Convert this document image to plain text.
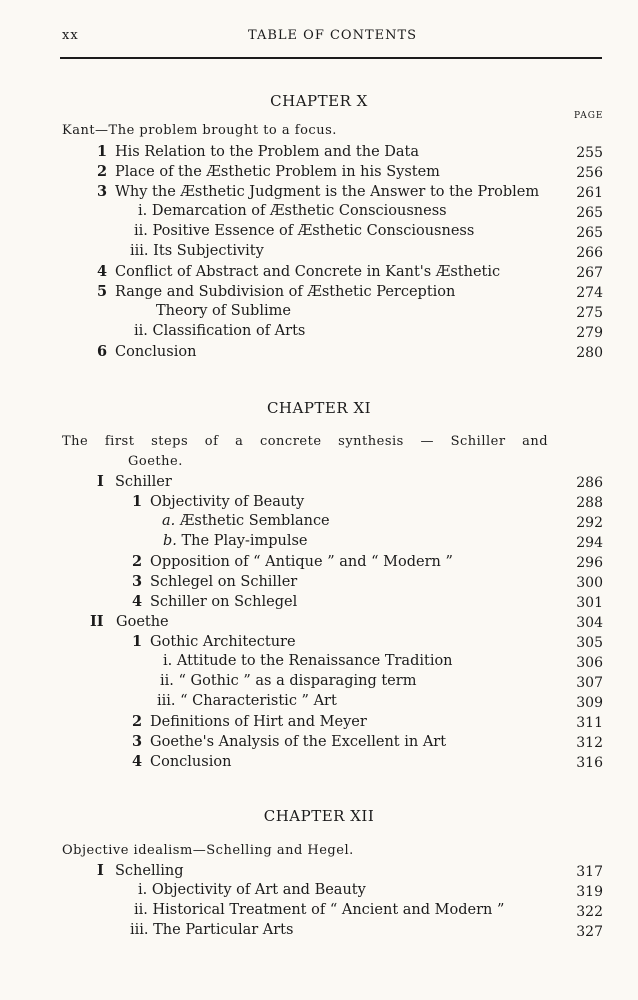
xx	TABLE OF CONTENTS
CHAPTER X
PAGE
Kant—The problem brought to a focus.
1 His Relation to the Problem and the Data	255
2 Place of the Æsthetic Problem in his System	256
3 Why the Æsthetic Judgment is the Answer to the Problem	261
i. Demarcation of Æsthetic Consciousness	265
ii. Positive Essence of Æsthetic Consciousness	265
iii. Its Subjectivity	266
4 Conflict of Abstract and Concrete in Kant's Æsthetic	267
5 Range and Subdivision of Æsthetic Perception	274
Theory of Sublime	275
ii. Classification of Arts	279
6 Conclusion	280
CHAPTER XI
The first steps of a concrete synthesis — Schiller and
Goethe.
I Schiller	286
1 Objectivity of Beauty	288
a. Æsthetic Semblance	292
b. The Play-impulse	294
2 Opposition of “ Antique ” and “ Modern ”	296
3 Schlegel on Schiller	300
4 Schiller on Schlegel	301
II Goethe	304
1 Gothic Architecture	305
i. Attitude to the Renaissance Tradition	306
ii. “ Gothic ” as a disparaging term	307
iii. “ Characteristic ” Art	309
2 Definitions of Hirt and Meyer	311
3 Goethe's Analysis of the Excellent in Art	312
4 Conclusion	316
CHAPTER XII
Objective idealism—Schelling and Hegel.
I Schelling	317
i. Objectivity of Art and Beauty	319
ii. Historical Treatment of “ Ancient and Modern ”	322
iii. The Particular Arts	327
